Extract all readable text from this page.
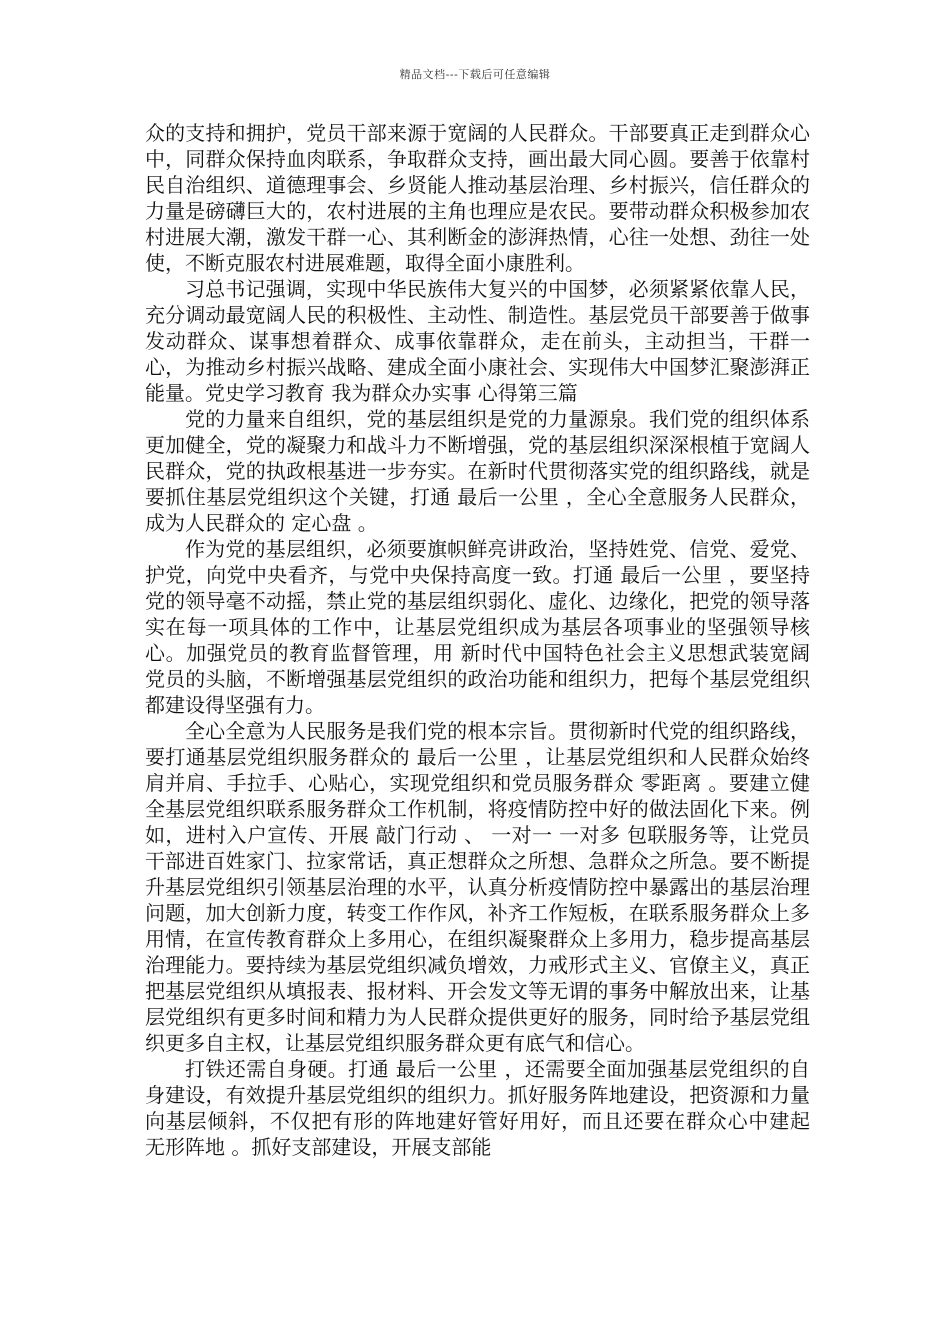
精品文档---下载后可任意编辑

众的支持和拥护，党员干部来源于宽阔的人民群众。干部要真正走到群众心中，同群众保持血肉联系，争取群众支持，画出最大同心圆。要善于依靠村民自治组织、道德理事会、乡贤能人推动基层治理、乡村振兴，信任群众的力量是磅礴巨大的，农村进展的主角也理应是农民。要带动群众积极参加农村进展大潮，激发干群一心、其利断金的澎湃热情，心往一处想、劲往一处使，不断克服农村进展难题，取得全面小康胜利。

习总书记强调，实现中华民族伟大复兴的中国梦，必须紧紧依靠人民，充分调动最宽阔人民的积极性、主动性、制造性。基层党员干部要善于做事发动群众、谋事想着群众、成事依靠群众，走在前头，主动担当，干群一心，为推动乡村振兴战略、建成全面小康社会、实现伟大中国梦汇聚澎湃正能量。党史学习教育 我为群众办实事 心得第三篇

党的力量来自组织，党的基层组织是党的力量源泉。我们党的组织体系更加健全，党的凝聚力和战斗力不断增强，党的基层组织深深根植于宽阔人民群众，党的执政根基进一步夯实。在新时代贯彻落实党的组织路线，就是要抓住基层党组织这个关键，打通 最后一公里 ，全心全意服务人民群众，成为人民群众的 定心盘 。

作为党的基层组织，必须要旗帜鲜亮讲政治，坚持姓党、信党、爱党、护党，向党中央看齐，与党中央保持高度一致。打通 最后一公里 ，要坚持党的领导毫不动摇，禁止党的基层组织弱化、虚化、边缘化，把党的领导落实在每一项具体的工作中，让基层党组织成为基层各项事业的坚强领导核心。加强党员的教育监督管理，用 新时代中国特色社会主义思想武装宽阔党员的头脑，不断增强基层党组织的政治功能和组织力，把每个基层党组织都建设得坚强有力。

全心全意为人民服务是我们党的根本宗旨。贯彻新时代党的组织路线，要打通基层党组织服务群众的 最后一公里 ，让基层党组织和人民群众始终肩并肩、手拉手、心贴心，实现党组织和党员服务群众 零距离 。要建立健全基层党组织联系服务群众工作机制，将疫情防控中好的做法固化下来。例如，进村入户宣传、开展 敲门行动 、 一对一 一对多 包联服务等，让党员干部进百姓家门、拉家常话，真正想群众之所想、急群众之所急。要不断提升基层党组织引领基层治理的水平，认真分析疫情防控中暴露出的基层治理问题，加大创新力度，转变工作作风，补齐工作短板，在联系服务群众上多用情，在宣传教育群众上多用心，在组织凝聚群众上多用力，稳步提高基层治理能力。要持续为基层党组织减负增效，力戒形式主义、官僚主义，真正把基层党组织从填报表、报材料、开会发文等无谓的事务中解放出来，让基层党组织有更多时间和精力为人民群众提供更好的服务，同时给予基层党组织更多自主权，让基层党组织服务群众更有底气和信心。

打铁还需自身硬。打通 最后一公里 ，还需要全面加强基层党组织的自身建设，有效提升基层党组织的组织力。抓好服务阵地建设，把资源和力量向基层倾斜，不仅把有形的阵地建好管好用好，而且还要在群众心中建起 无形阵地 。抓好支部建设，开展支部能
